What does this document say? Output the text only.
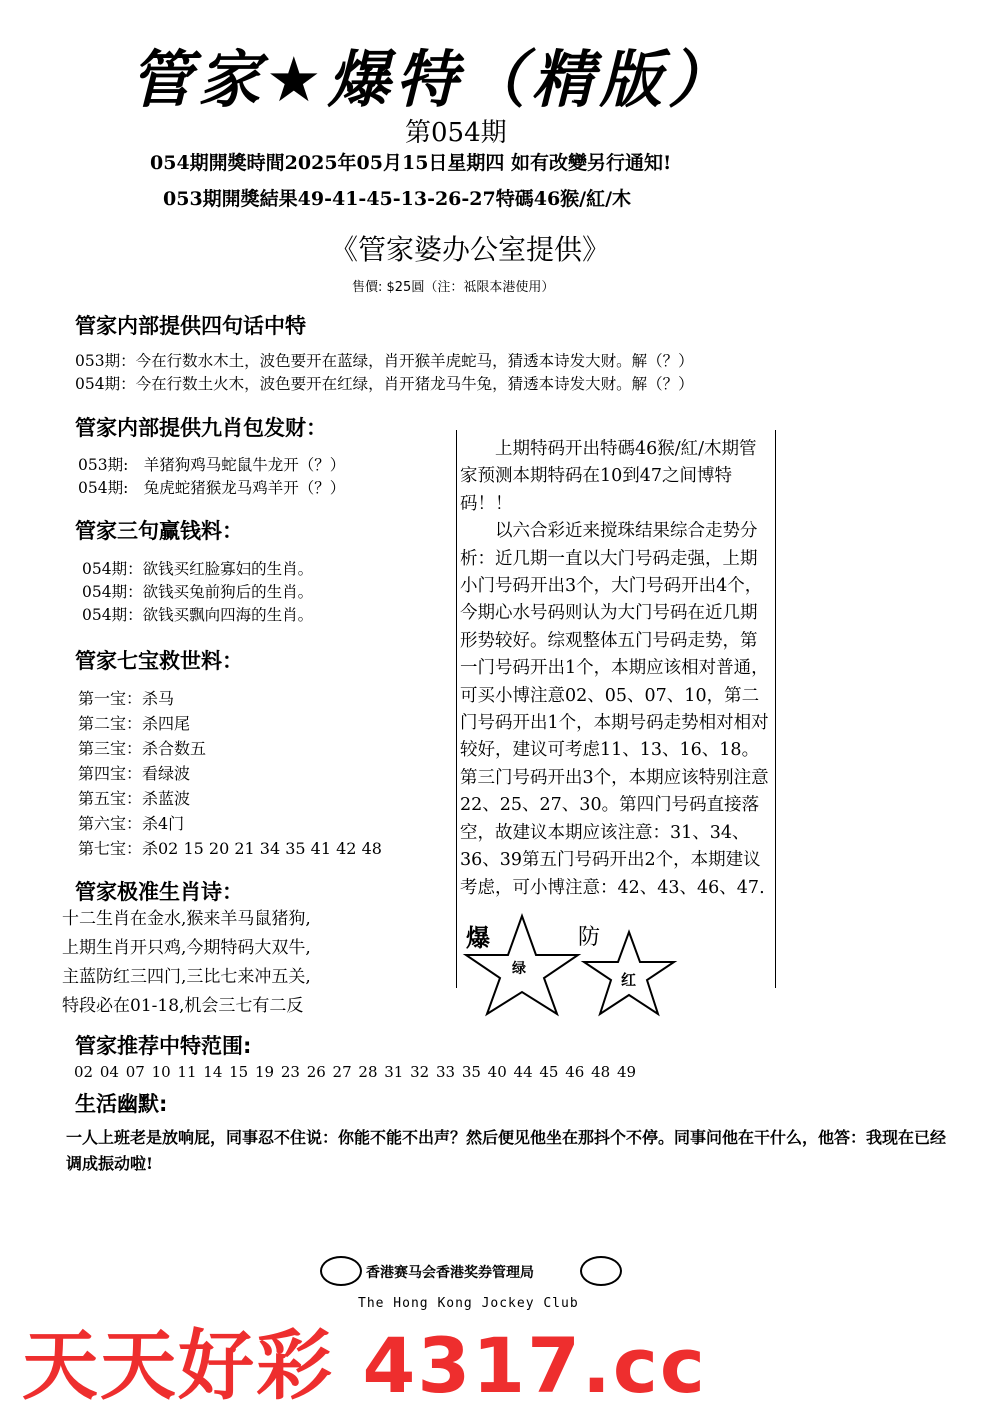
管家★爆特（精版）
第054期
054期開獎時間2025年05月15日星期四 如有改變另行通知!
053期開獎結果49-41-45-13-26-27特碼46猴/紅/木
《管家婆办公室提供》
售價: $25圓（注：祗限本港使用）
管家内部提供四句话中特
053期：今在行数水木土，波色要开在蓝绿，肖开猴羊虎蛇马，猜透本诗发大财。解（？）
054期：今在行数土火木，波色要开在红绿，肖开猪龙马牛兔，猜透本诗发大财。解（？）
管家内部提供九肖包发财：
053期:　羊猪狗鸡马蛇鼠牛龙开（？）
054期:　兔虎蛇猪猴龙马鸡羊开（？）
管家三句赢钱料：
054期：欲钱买红脸寡妇的生肖。
054期：欲钱买兔前狗后的生肖。
054期：欲钱买飘向四海的生肖。
管家七宝救世料：
第一宝：杀马
第二宝：杀四尾
第三宝：杀合数五
第四宝：看绿波
第五宝：杀蓝波
第六宝：杀4门
第七宝：杀02 15 20 21 34 35 41 42 48
管家极准生肖诗：
十二生肖在金水,猴来羊马鼠猪狗,
上期生肖开只鸡,今期特码大双牛,
主蓝防红三四门,三比七来冲五关,
特段必在01-18,机会三七有二反
管家推荐中特范围:
02 04 07 10 11 14 15 19 23 26 27 28 31 32 33 35 40 44 45 46 48 49
生活幽默:
一人上班老是放响屁，同事忍不住说：你能不能不出声？然后便见他坐在那抖个不停。同事问他在干什么，他答：我现在已经调成振动啦!

上期特码开出特碼46猴/紅/木期管家预测本期特码在10到47之间博特码！！

以六合彩近来搅珠结果综合走势分析：近几期一直以大门号码走强，上期小门号码开出3个，大门号码开出4个，今期心水号码则认为大门号码在近几期形势较好。综观整体五门号码走势，第一门号码开出1个，本期应该相对普通，可买小博注意02、05、07、10，第二门号码开出1个，本期号码走势相对相对较好，建议可考虑11、13、16、18。第三门号码开出3个，本期应该特别注意22、25、27、30。第四门号码直接落空，故建议本期应该注意：31、34、36、39第五门号码开出2个，本期建议考虑，可小博注意：42、43、46、47.

爆	防
绿
红
香港赛马会香港奖券管理局
The Hong Kong Jockey Club
天天好彩 4317.cc
